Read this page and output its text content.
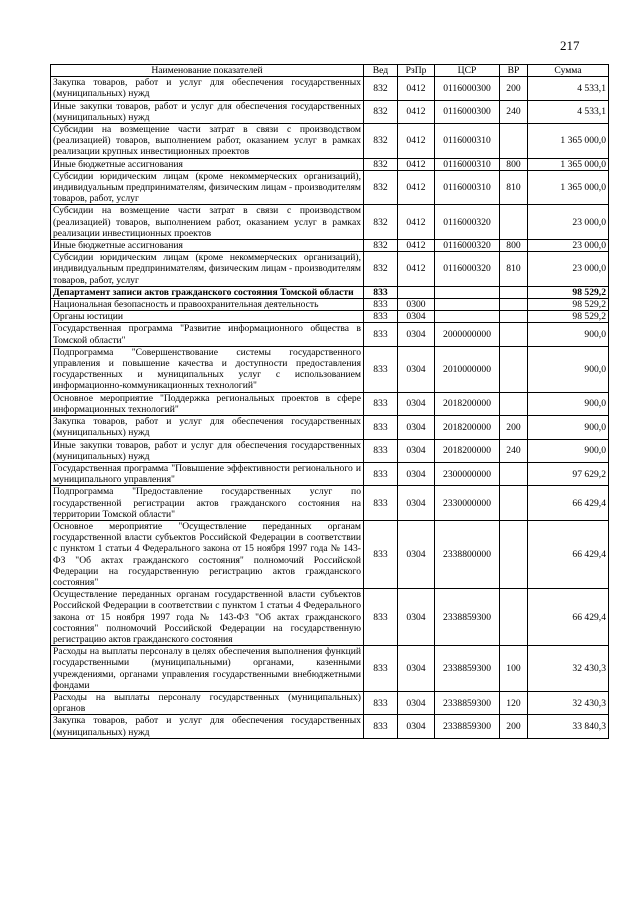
217
Наименование показателей	Вед	РзПр	ЦСР	ВР	Сумма
Закупка товаров, работ и услуг для обеспечения государственных (муниципальных) нужд	832	0412	0116000300	200	4 533,1
Иные закупки товаров, работ и услуг для обеспечения государственных (муниципальных) нужд	832	0412	0116000300	240	4 533,1
Субсидии на возмещение части затрат в связи с производством (реализацией) товаров, выполнением работ, оказанием услуг в рамках реализации крупных инвестиционных проектов	832	0412	0116000310		1 365 000,0
Иные бюджетные ассигнования	832	0412	0116000310	800	1 365 000,0
Субсидии юридическим лицам (кроме некоммерческих организаций), индивидуальным предпринимателям, физическим лицам - производителям товаров, работ, услуг	832	0412	0116000310	810	1 365 000,0
Субсидии на возмещение части затрат в связи с производством (реализацией) товаров, выполнением работ, оказанием услуг в рамках реализации инвестиционных проектов	832	0412	0116000320		23 000,0
Иные бюджетные ассигнования	832	0412	0116000320	800	23 000,0
Субсидии юридическим лицам (кроме некоммерческих организаций), индивидуальным предпринимателям, физическим лицам - производителям товаров, работ, услуг	832	0412	0116000320	810	23 000,0
Департамент записи актов гражданского состояния Томской области	833				98 529,2
Национальная безопасность и правоохранительная деятельность	833	0300			98 529,2
Органы юстиции	833	0304			98 529,2
Государственная программа "Развитие информационного общества в Томской области"	833	0304	2000000000		900,0
Подпрограмма "Совершенствование системы государственного управления и повышение качества и доступности предоставления государственных и муниципальных услуг с использованием информационно-коммуникационных технологий"	833	0304	2010000000		900,0
Основное мероприятие "Поддержка региональных проектов в сфере информационных технологий"	833	0304	2018200000		900,0
Закупка товаров, работ и услуг для обеспечения государственных (муниципальных) нужд	833	0304	2018200000	200	900,0
Иные закупки товаров, работ и услуг для обеспечения государственных (муниципальных) нужд	833	0304	2018200000	240	900,0
Государственная программа "Повышение эффективности регионального и муниципального управления"	833	0304	2300000000		97 629,2
Подпрограмма "Предоставление государственных услуг по государственной регистрации актов гражданского состояния на территории Томской области"	833	0304	2330000000		66 429,4
Основное мероприятие "Осуществление переданных органам государственной власти субъектов Российской Федерации в соответствии с пунктом 1 статьи 4 Федерального закона от 15 ноября 1997 года № 143-ФЗ "Об актах гражданского состояния" полномочий Российской Федерации на государственную регистрацию актов гражданского состояния"	833	0304	2338800000		66 429,4
Осуществление переданных органам государственной власти субъектов Российской Федерации в соответствии с пунктом 1 статьи 4 Федерального закона от 15 ноября 1997 года № 143-ФЗ "Об актах гражданского состояния" полномочий Российской Федерации на государственную регистрацию актов гражданского состояния	833	0304	2338859300		66 429,4
Расходы на выплаты персоналу в целях обеспечения выполнения функций государственными (муниципальными) органами, казенными учреждениями, органами управления государственными внебюджетными фондами	833	0304	2338859300	100	32 430,3
Расходы на выплаты персоналу государственных (муниципальных) органов	833	0304	2338859300	120	32 430,3
Закупка товаров, работ и услуг для обеспечения государственных (муниципальных) нужд	833	0304	2338859300	200	33 840,3
